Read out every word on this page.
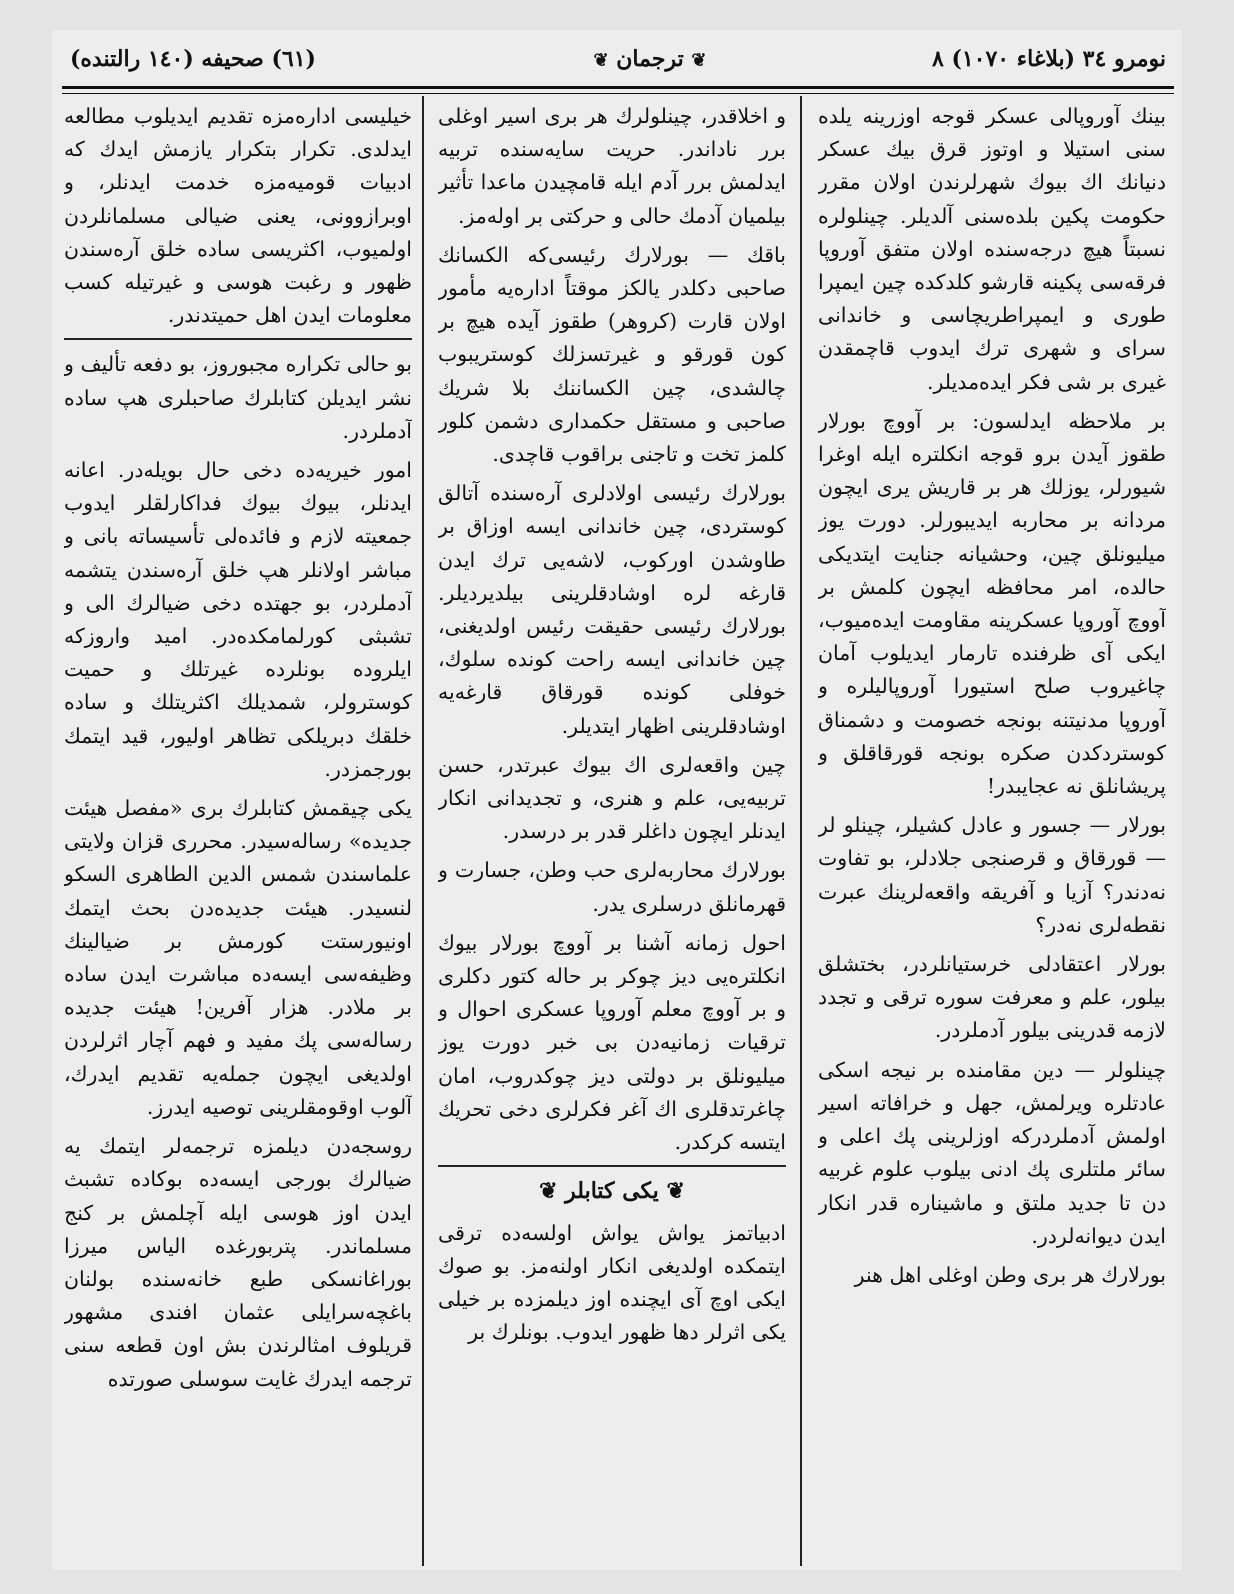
نومرو ٣٤ (بلاغاء ١٠٧٠) ٨
❦ ترجمان ❦
(٦١) صحيفه (١٤٠ رالتنده)

بينك آوروپالى عسكر قوجه اوزرينه يلده سنى استيلا و اوتوز قرق بيك عسكر دنيانك اك بيوك شهرلرندن اولان مقرر حكومت پكين بلده‌سنى آلديلر. چينلولره نسبتاً هيچ درجه‌سنده اولان متفق آوروپا فرقه‌سى پكينه قارشو كلدكده چين ايمپرا طورى و ايمپراطريچاسى و خاندانى سراى و شهرى ترك ايدوب قاچمقدن غيرى بر شى فكر ايده‌مديلر.

بر ملاحظه ايدلسون: بر آووچ بورلار طقوز آيدن برو قوجه انكلتره ايله اوغرا شيورلر، يوزلك هر بر قاريش يرى ايچون مردانه بر محاربه ايديبورلر. دورت يوز ميليونلق چين، وحشيانه جنايت ايتديكى حالده، امر محافظه ايچون كلمش بر آووچ آوروپا عسكرينه مقاومت ايده‌ميوب، ايكى آى ظرفنده تارمار ايديلوب آمان چاغيروب صلح استيورا آوروپاليلره و آوروپا مدنيتنه بونجه خصومت و دشمناق كوستردكدن صكره بونجه قورقاقلق و پريشانلق نه عجايبدر!

بورلار — جسور و عادل كشيلر، چينلو لر — قورقاق و قرصنجى جلادلر، بو تفاوت نه‌دندر؟ آزيا و آفريقه واقعه‌لرينك عبرت نقطه‌لرى نه‌در؟

بورلار اعتقادلى خرستيانلردر، بختشلق بيلور، علم و معرفت سوره ترقى و تجدد لازمه قدرينى بيلور آدملردر.

چينلولر — دين مقامنده بر نيجه اسكى عادتلره ويرلمش، جهل و خرافاته اسير اولمش آدملردركه اوزلرينى پك اعلى و سائر ملتلرى پك ادنى بيلوب علوم غربيه دن تا جديد ملتق و ماشيناره قدر انكار ايدن ديوانه‌لردر.

بورلارك هر برى وطن اوغلى اهل هنر

و اخلاقدر، چينلولرك هر برى اسير اوغلى برر ناداندر. حريت سايه‌سنده تربيه ايدلمش برر آدم ايله قامچيدن ماعدا تأثير بيلميان آدمك حالى و حركتى بر اوله‌مز.

باقك — بورلارك رئيسى‌كه الكسانك صاحبى دكلدر يالكز موقتاً اداره‌يه مأمور اولان قارت (كروهر) طقوز آيده هيچ بر كون قورقو و غيرتسزلك كوستريبوب چالشدى، چين الكساننك بلا شريك صاحبى و مستقل حكمدارى دشمن كلور كلمز تخت و تاجنى براقوب قاچدى.

بورلارك رئيسى اولادلرى آره‌سنده آتالق كوستردى، چين خاندانى ايسه اوزاق بر طاوشدن اوركوب، لاشه‌يى ترك ايدن قارغه لره اوشادقلرينى بيلديرديلر. بورلارك رئيسى حقيقت رئيس اولديغنى، چين خاندانى ايسه راحت كونده سلوك، خوفلى كونده قورقاق قارغه‌يه اوشادقلرينى اظهار ايتديلر.

چين واقعه‌لرى اك بيوك عبرتدر، حسن تربيه‌يى، علم و هنرى، و تجديدانى انكار ايدنلر ايچون داغلر قدر بر درسدر.

بورلارك محاربه‌لرى حب وطن، جسارت و قهرمانلق درسلرى يدر.

احول زمانه آشنا بر آووچ بورلار بيوك انكلتره‌يى ديز چوكر بر حاله كتور دكلرى و بر آووچ معلم آوروپا عسكرى احوال و ترقيات زمانيه‌دن بى خبر دورت يوز ميليونلق بر دولتى ديز چوكدروب، امان چاغرتدقلرى اك آغر فكرلرى دخى تحريك ايتسه كركدر.

❦ يكى كتابلر ❦

ادبياتمز يواش يواش اولسه‌ده ترقى ايتمكده اولديغى انكار اولنه‌مز. بو صوك ايكى اوچ آى ايچنده اوز ديلمزده بر خيلى يكى اثرلر دها ظهور ايدوب. بونلرك بر

خيليسى اداره‌مزه تقديم ايديلوب مطالعه ايدلدى. تكرار بتكرار يازمش ايدك كه ادبيات قوميه‌مزه خدمت ايدنلر، و اوبرازوونى، يعنى ضيالى مسلمانلردن اولميوب، اكثريسى ساده خلق آره‌سندن ظهور و رغبت هوسى و غيرتيله كسب معلومات ايدن اهل حميتدندر.

بو حالى تكراره مجبوروز، بو دفعه تأليف و نشر ايديلن كتابلرك صاحبلرى هپ ساده آدملردر.

امور خيريه‌ده دخى حال بويله‌در. اعانه ايدنلر، بيوك بيوك فداكارلقلر ايدوب جمعيته لازم و فائده‌لى تأسيساته بانى و مباشر اولانلر هپ خلق آره‌سندن يتشمه آدملردر، بو جهتده دخى ضيالرك الى و تشبثى كورلمامكده‌در. اميد واروزكه ايلروده بونلرده غيرتلك و حميت كوسترولر، شمديلك اكثريتلك و ساده خلقك دبريلكى تظاهر اوليور، قيد ايتمك بورجمزدر.

يكى چيقمش كتابلرك برى «مفصل هيئت جديده» رساله‌سيدر. محررى قزان ولايتى علماسندن شمس الدين الطاهرى السكو لنسيدر. هيئت جديده‌دن بحث ايتمك اونيورستت كورمش بر ضيالينك وظيفه‌سى ايسه‌ده مباشرت ايدن ساده بر ملادر. هزار آفرين! هيئت جديده رساله‌سى پك مفيد و فهم آچار اثرلردن اولديغى ايچون جمله‌يه تقديم ايدرك، آلوب اوقومقلرينى توصيه ايدرز.

روسجه‌دن ديلمزه ترجمه‌لر ايتمك يه ضيالرك بورجى ايسه‌ده بوكاده تشبث ايدن اوز هوسى ايله آچلمش بر كنج مسلماندر. پتربورغده الياس ميرزا بوراغانسكى طبع خانه‌سنده بولنان باغچه‌سرايلى عثمان افندى مشهور قريلوف امثالرندن بش اون قطعه سنى ترجمه ايدرك غايت سوسلى صورتده
